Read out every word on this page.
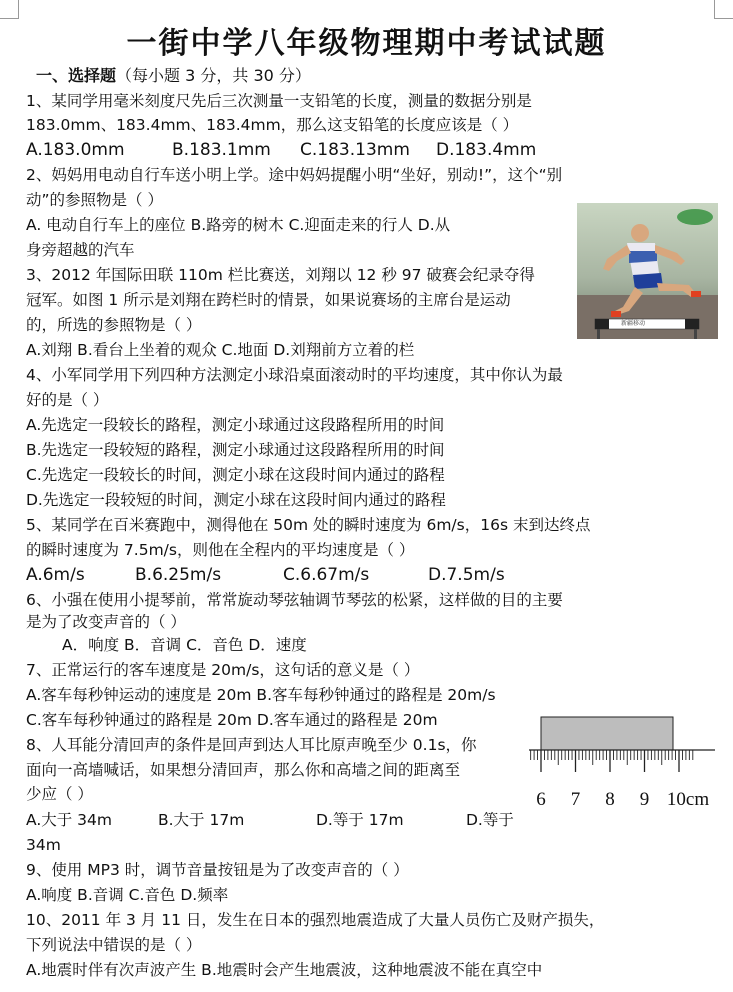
一街中学八年级物理期中考试试题
一、选择题（每小题 3 分，共 30 分）
1、某同学用毫米刻度尺先后三次测量一支铅笔的长度，测量的数据分别是
183.0mm、183.4mm、183.4mm，那么这支铅笔的长度应该是（ ）
A.183.0mm	B.183.1mm C.183.13mm D.183.4mm
2、妈妈用电动自行车送小明上学。途中妈妈提醒小明“坐好，别动!”，这个“别
动”的参照物是（ ）
A. 电动自行车上的座位 B.路旁的树木 C.迎面走来的行人 D.从
身旁超越的汽车
3、2012 年国际田联 110m 栏比赛送，刘翔以 12 秒 97 破赛会纪录夺得
冠军。如图 1 所示是刘翔在跨栏时的情景，如果说赛场的主席台是运动
的，所选的参照物是（ ）
A.刘翔 B.看台上坐着的观众 C.地面 D.刘翔前方立着的栏
新疆移动
4、小军同学用下列四种方法测定小球沿桌面滚动时的平均速度，其中你认为最
好的是（ ）
A.先选定一段较长的路程，测定小球通过这段路程所用的时间
B.先选定一段较短的路程，测定小球通过这段路程所用的时间
C.先选定一段较长的时间，测定小球在这段时间内通过的路程
D.先选定一段较短的时间，测定小球在这段时间内通过的路程
5、某同学在百米赛跑中，测得他在 50m 处的瞬时速度为 6m/s，16s 末到达终点
的瞬时速度为 7.5m/s，则他在全程内的平均速度是（ ）
A.6m/s	B.6.25m/s	C.6.67m/s	D.7.5m/s
6、小强在使用小提琴前，常常旋动琴弦轴调节琴弦的松紧，这样做的目的主要
是为了改变声音的（ ）
A．响度 B．音调 C．音色 D．速度
7、正常运行的客车速度是 20m/s，这句话的意义是（ ）
A.客车每秒钟运动的速度是 20m B.客车每秒钟通过的路程是 20m/s
C.客车每秒钟通过的路程是 20m D.客车通过的路程是 20m
8、人耳能分清回声的条件是回声到达人耳比原声晚至少 0.1s，你
面向一高墙喊话，如果想分清回声，那么你和高墙之间的距离至
少应（ ）
A.大于 34m	B.大于 17m	D.等于 17m	D.等于
34m
6 7 8 9 10cm
9、使用 MP3 时，调节音量按钮是为了改变声音的（ ）
A.响度 B.音调 C.音色 D.频率
10、2011 年 3 月 11 日，发生在日本的强烈地震造成了大量人员伤亡及财产损失，
下列说法中错误的是（ ）
A.地震时伴有次声波产生 B.地震时会产生地震波，这种地震波不能在真空中
